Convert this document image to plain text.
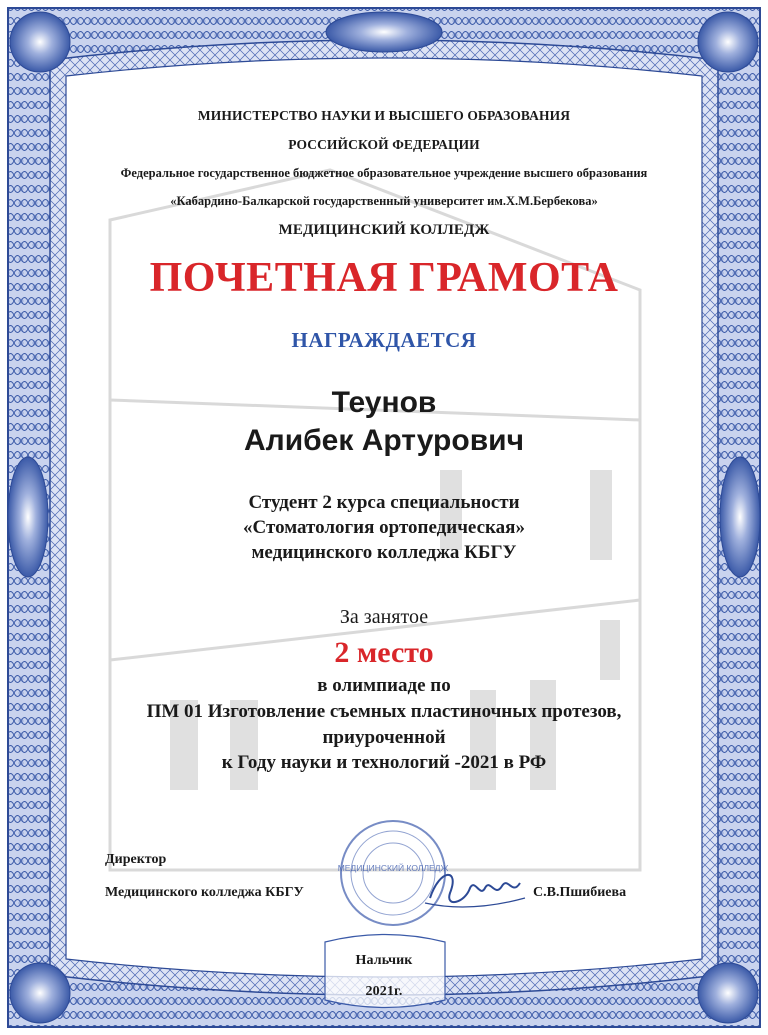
МИНИСТЕРСТВО НАУКИ И ВЫСШЕГО ОБРАЗОВАНИЯ
РОССИЙСКОЙ ФЕДЕРАЦИИ
Федеральное государственное бюджетное образовательное учреждение высшего образования
«Кабардино-Балкарской государственный университет им.Х.М.Бербекова»
МЕДИЦИНСКИЙ КОЛЛЕДЖ
ПОЧЕТНАЯ ГРАМОТА
НАГРАЖДАЕТСЯ
Теунов
Алибек Артурович
Студент 2 курса специальности
«Стоматология ортопедическая»
медицинского колледжа КБГУ
За занятое
2 место
в олимпиаде по
ПМ 01 Изготовление съемных пластиночных протезов,
приуроченной
к Году науки и технологий -2021 в РФ
Директор
Медицинского колледжа КБГУ	С.В.Пшибиева
МЕДИЦИНСКИЙ КОЛЛЕДЖ
Нальчик
2021г.
